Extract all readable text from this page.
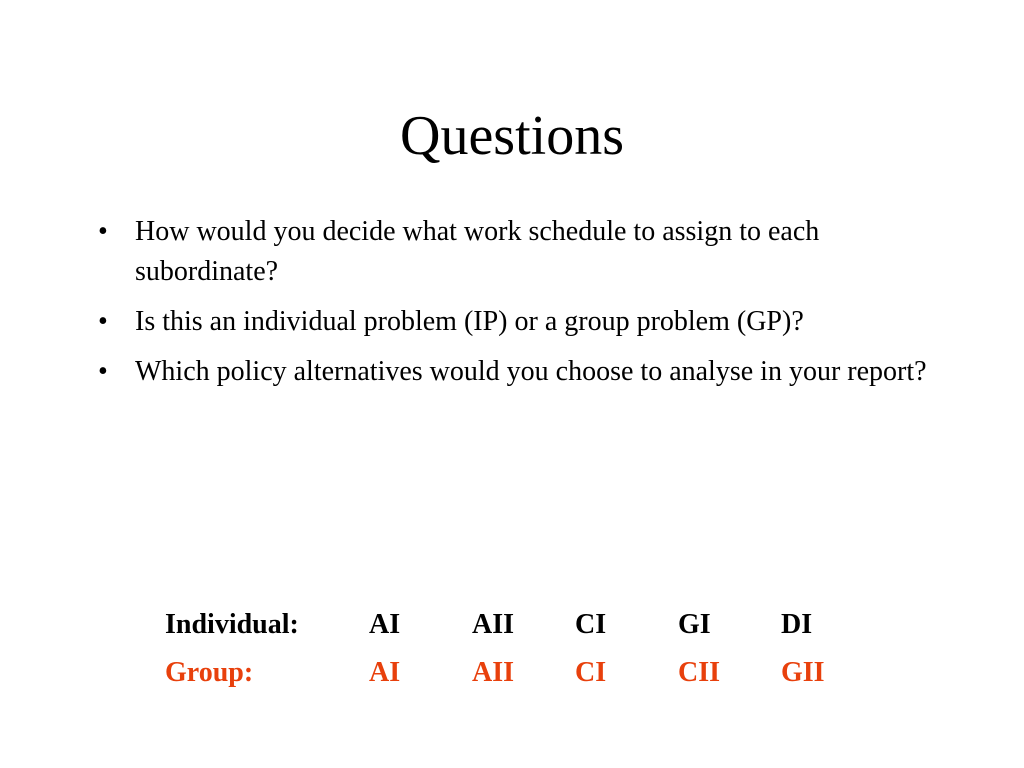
Questions
• How would you decide what work schedule to assign to each subordinate?
• Is this an individual problem (IP) or a group problem (GP)?
• Which policy alternatives would you choose to analyse in your report?
Individual:	AI	AII	CI	GI	DI
Group:	AI	AII	CI	CII	GII
